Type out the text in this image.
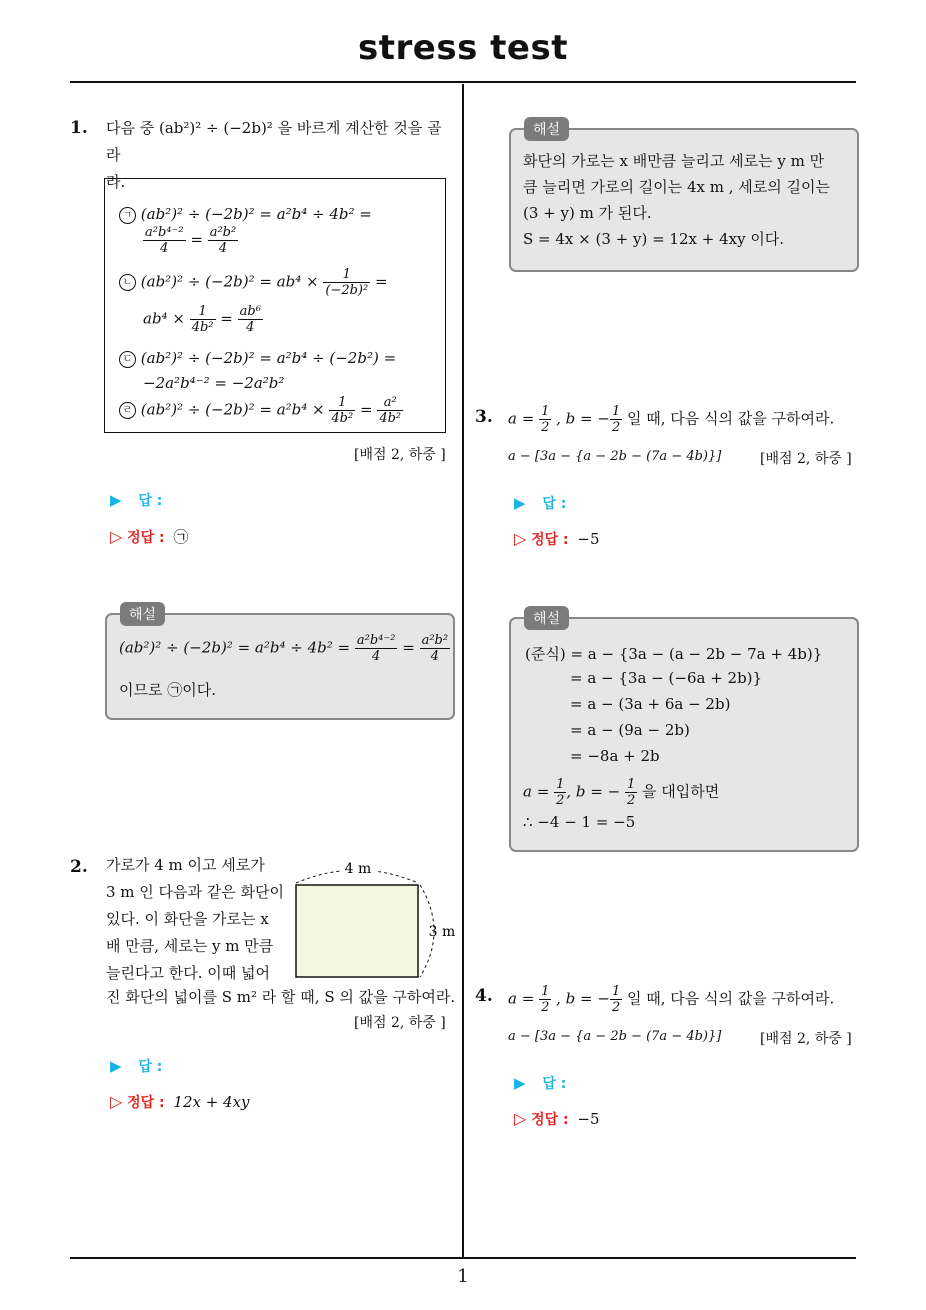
stress test
1
1. 다음 중 (ab²)² ÷ (−2b)² 을 바르게 계산한 것을 골라
라.
ㄱ (ab²)² ÷ (−2b)² = a²b⁴ ÷ 4b² =
$\frac{\text{a²b⁴⁻²}}{4} = \frac{\text{a²b²}}{4}$
ㄴ $(ab^2)^2 \div (-2b)^2 = ab^4 \times \frac{1}{\text{(−2b)²}}$ =
$ab^4 \times \frac{1}{\text{4b²}} = \frac{\text{ab⁶}}{4}$
ㄷ (ab²)² ÷ (−2b)² = a²b⁴ ÷ (−2b²) =
−2a²b⁴⁻² = −2a²b²
ㄹ $(ab^2)^2 \div (-2b)^2 = a^2b^4 \times \frac{1}{\text{4b²}} = \frac{\text{a²}}{\text{4b²}}$
[배점 2, 하중 ]
▶ 답 :
▷ 정답 : ㉠
$(ab^2)^2 \div (-2b)^2 = a^2b^4 \div 4b^2 = \frac{\text{a²b⁴⁻²}}{4} = \frac{\text{a²b²}}{4}$
이므로 ㉠이다.
해설
2. 가로가 4 m 이고 세로가
3 m 인 다음과 같은 화단이
있다. 이 화단을 가로는 x
배 만큼, 세로는 y m 만큼
늘린다고 한다. 이때 넓어
진 화단의 넓이를 S m² 라 할 때, S 의 값을 구하여라.
[배점 2, 하중 ]
4 m
3 m
▶ 답 :
▷ 정답 : 12x + 4xy
화단의 가로는 x 배만큼 늘리고 세로는 y m 만
큼 늘리면 가로의 길이는 4x m , 세로의 길이는
(3 + y) m 가 된다.
S = 4x × (3 + y) = 12x + 4xy 이다.
해설
3. $a = \frac{1}{2}$ , b = − $\frac{1}{2}$ 일 때, 다음 식의 값을 구하여라.
a − [3a − {a − 2b − (7a − 4b)}]	[배점 2, 하중 ]
▶ 답 :
▷ 정답 : −5
(준식) = a − {3a − (a − 2b − 7a + 4b)}
= a − {3a − (−6a + 2b)}
= a − (3a + 6a − 2b)
= a − (9a − 2b)
= −8a + 2b
$a = \frac{1}{2}$ , b = − $\frac{1}{2}$ 을 대입하면
∴ −4 − 1 = −5
해설
4. $a = \frac{1}{2}$ , b = − $\frac{1}{2}$ 일 때, 다음 식의 값을 구하여라.
a − [3a − {a − 2b − (7a − 4b)}]	[배점 2, 하중 ]
▶ 답 :
▷ 정답 : −5
